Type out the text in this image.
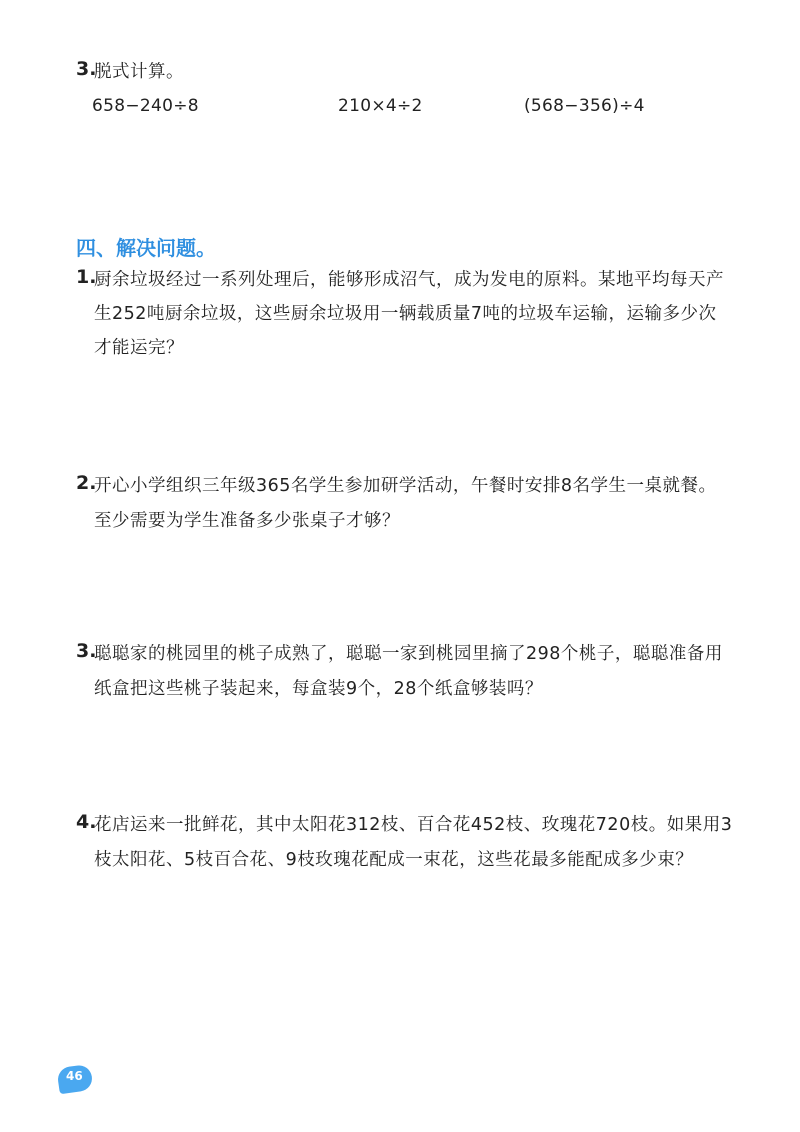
3.
脱式计算。
658−240÷8	210×4÷2	(568−356)÷4
四、解决问题。
1.
厨余垃圾经过一系列处理后，能够形成沼气，成为发电的原料。某地平均每天产
生252吨厨余垃圾，这些厨余垃圾用一辆载质量7吨的垃圾车运输，运输多少次
才能运完？
2.
开心小学组织三年级365名学生参加研学活动，午餐时安排8名学生一桌就餐。
至少需要为学生准备多少张桌子才够？
3.
聪聪家的桃园里的桃子成熟了，聪聪一家到桃园里摘了298个桃子，聪聪准备用
纸盒把这些桃子装起来，每盒装9个，28个纸盒够装吗？
4.
花店运来一批鲜花，其中太阳花312枝、百合花452枝、玫瑰花720枝。如果用3
枝太阳花、5枝百合花、9枝玫瑰花配成一束花，这些花最多能配成多少束？
46
